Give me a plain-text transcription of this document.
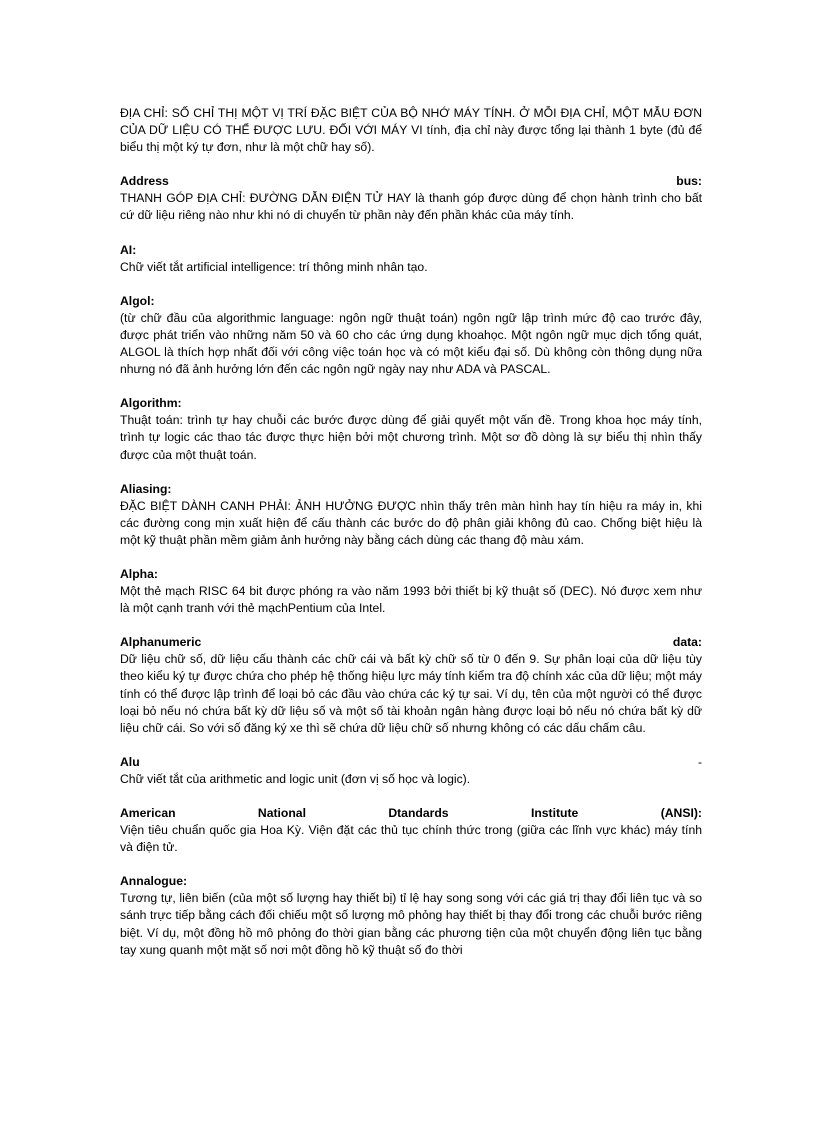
ĐỊA CHỈ: SỐ CHỈ THỊ MỘT VỊ TRÍ ĐẶC BIỆT CỦA BỘ NHỚ MÁY TÍNH. Ở MỖI ĐỊA CHỈ, MỘT MẪU ĐƠN CỦA DỮ LIỆU CÓ THỂ ĐƯỢC LƯU. ĐỐI VỚI MÁY VI tính, địa chỉ này được tổng lại thành 1 byte (đủ để biểu thị một ký tự đơn, như là một chữ hay số).

Address	bus:

THANH GÓP ĐỊA CHỈ: ĐƯỜNG DẪN ĐIỆN TỬ HAY là thanh góp được dùng để chọn hành trình cho bất cứ dữ liệu riêng nào như khi nó di chuyển từ phần này đến phần khác của máy tính.

AI:

Chữ viết tắt artificial intelligence: trí thông minh nhân tạo.

Algol:

(từ chữ đầu của algorithmic language: ngôn ngữ thuật toán) ngôn ngữ lập trình mức độ cao trước đây, được phát triển vào những năm 50 và 60 cho các ứng dụng khoahọc. Một ngôn ngữ mục dịch tổng quát, ALGOL là thích hợp nhất đối với công việc toán học và có một kiểu đại số. Dù không còn thông dụng nữa nhưng nó đã ảnh hưởng lớn đến các ngôn ngữ ngày nay như ADA và PASCAL.

Algorithm:

Thuật toán: trình tự hay chuỗi các bước được dùng để giải quyết một vấn đề. Trong khoa học máy tính, trình tự logic các thao tác được thực hiện bởi một chương trình. Một sơ đồ dòng là sự biểu thị nhìn thấy được của một thuật toán.

Aliasing:

ĐẶC BIỆT DÀNH CANH PHẢI: ẢNH HƯỞNG ĐƯỢC nhìn thấy trên màn hình hay tín hiệu ra máy in, khi các đường cong mịn xuất hiện để cấu thành các bước do độ phân giải không đủ cao. Chống biệt hiệu là một kỹ thuật phần mềm giảm ảnh hưởng này bằng cách dùng các thang độ màu xám.

Alpha:

Một thẻ mạch RISC 64 bit được phóng ra vào năm 1993 bởi thiết bị kỹ thuật số (DEC). Nó được xem như là một cạnh tranh với thẻ mạchPentium của Intel.

Alphanumeric	data:

Dữ liệu chữ số, dữ liệu cấu thành các chữ cái và bất kỳ chữ số từ 0 đến 9. Sự phân loại của dữ liệu tùy theo kiểu ký tự được chứa cho phép hệ thống hiệu lực máy tính kiểm tra độ chính xác của dữ liệu; một máy tính có thể được lập trình để loại bỏ các đầu vào chứa các ký tự sai. Ví dụ, tên của một người có thể được loại bỏ nếu nó chứa bất kỳ dữ liệu số và một số tài khoản ngân hàng được loại bỏ nếu nó chứa bất kỳ dữ liệu chữ cái. So với số đăng ký xe thì sẽ chứa dữ liệu chữ số nhưng không có các dấu chấm câu.

Alu	-

Chữ viết tắt của arithmetic and logic unit (đơn vị số học và logic).

American	National	Dtandards	Institute	(ANSI):

Viện tiêu chuẩn quốc gia Hoa Kỳ. Viện đặt các thủ tục chính thức trong (giữa các lĩnh vực khác) máy tính và điện tử.

Annalogue:

Tương tự, liên biến (của một số lượng hay thiết bị) tỉ lệ hay song song với các giá trị thay đổi liên tục và so sánh trực tiếp bằng cách đối chiếu một số lượng mô phỏng hay thiết bị thay đổi trong các chuỗi bước riêng biệt. Ví dụ, một đồng hồ mô phỏng đo thời gian bằng các phương tiện của một chuyển động liên tục bằng tay xung quanh một mặt số nơi một đồng hồ kỹ thuật số đo thời
